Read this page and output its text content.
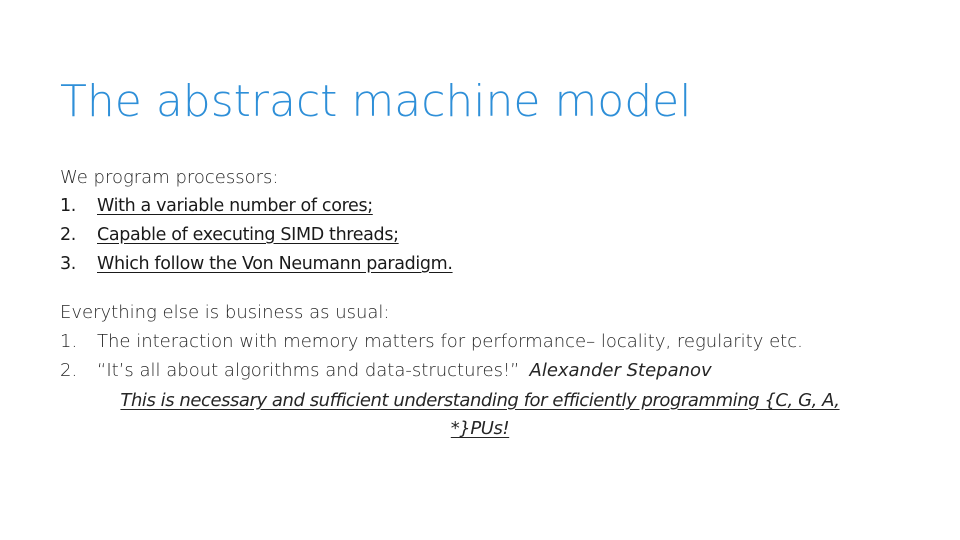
The abstract machine model
We program processors:
1.	With a variable number of cores;
2.	Capable of executing SIMD threads;
3.	Which follow the Von Neumann paradigm.
Everything else is business as usual:
1.	The interaction with memory matters for performance– locality, regularity etc.
2.	“It’s all about algorithms and data-structures!” Alexander Stepanov
This is necessary and sufficient understanding for efficiently programming {C, G, A,
*}PUs!
